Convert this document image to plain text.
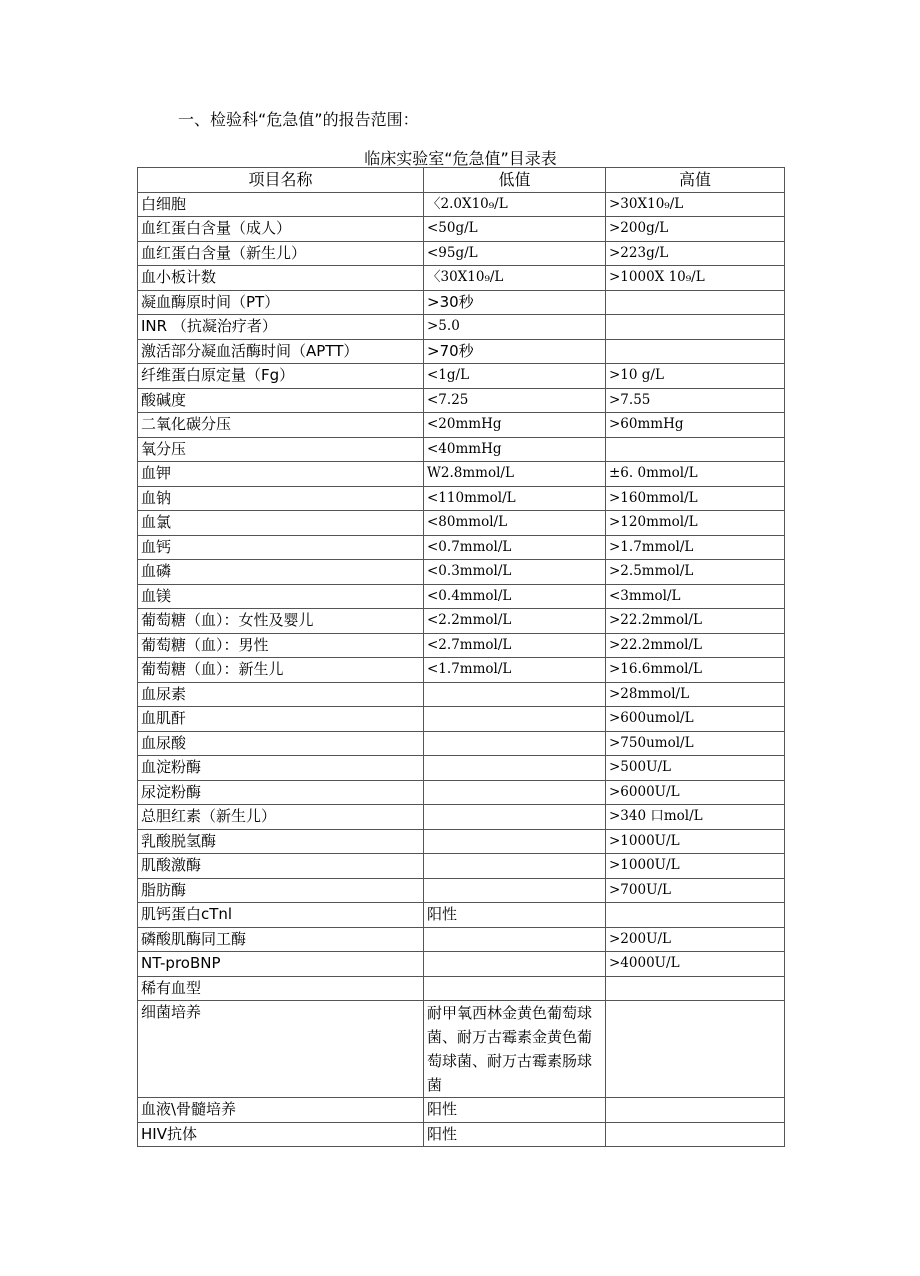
一、检验科“危急值”的报告范围：
临床实验室“危急值”目录表
项目名称	低值	高值
白细胞	〈2.0X10₉/L	>30X10₉/L
血红蛋白含量（成人）	<50g/L	>200g/L
血红蛋白含量（新生儿）	<95g/L	>223g/L
血小板计数	〈30X10₉/L	>1000X 10₉/L
凝血酶原时间（PT）	>30秒	
INR （抗凝治疗者）	>5.0	
激活部分凝血活酶时间（APTT）	>70秒	
纤维蛋白原定量（Fg）	<1g/L	>10 g/L
酸碱度	<7.25	>7.55
二氧化碳分压	<20mmHg	>60mmHg
氧分压	<40mmHg	
血钾	W2.8mmol/L	±6. 0mmol/L
血钠	<110mmol/L	>160mmol/L
血氯	<80mmol/L	>120mmol/L
血钙	<0.7mmol/L	>1.7mmol/L
血磷	<0.3mmol/L	>2.5mmol/L
血镁	<0.4mmol/L	<3mmol/L
葡萄糖（血）：女性及婴儿	<2.2mmol/L	>22.2mmol/L
葡萄糖（血）：男性	<2.7mmol/L	>22.2mmol/L
葡萄糖（血）：新生儿	<1.7mmol/L	>16.6mmol/L
血尿素		>28mmol/L
血肌酐		>600umol/L
血尿酸		>750umol/L
血淀粉酶		>500U/L
尿淀粉酶		>6000U/L
总胆红素（新生儿）		>340 口mol/L
乳酸脱氢酶		>1000U/L
肌酸激酶		>1000U/L
脂肪酶		>700U/L
肌钙蛋白cTnl	阳性	
磷酸肌酶同工酶		>200U/L
NT-proBNP		>4000U/L
稀有血型		
细菌培养	耐甲氧西林金黄色葡萄球菌、耐万古霉素金黄色葡萄球菌、耐万古霉素肠球菌	
血液\骨髓培养	阳性	
HIV抗体	阳性	
